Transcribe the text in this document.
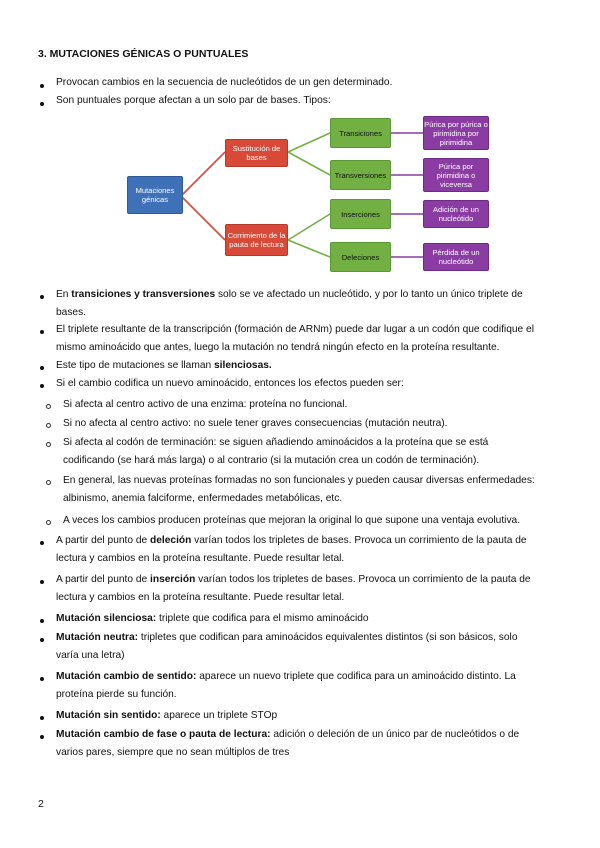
3. MUTACIONES GÉNICAS O PUNTUALES
Provocan cambios en la secuencia de nucleótidos de un gen determinado.
Son puntuales porque afectan a un solo par de bases. Tipos:
Mutaciones génicas
Sustitución de bases
Corrimiento de la pauta de lectura
Transiciones
Transversiones
Inserciones
Deleciones
Púrica por púrica o pirimidina por pirimidina
Púrica por pirimidina o viceversa
Adición de un nucleótido
Pérdida de un nucleótido
En transiciones y transversiones solo se ve afectado un nucleótido, y por lo tanto un único triplete de
bases.
El triplete resultante de la transcripción (formación de ARNm) puede dar lugar a un codón que codifique el
mismo aminoácido que antes, luego la mutación no tendrá ningún efecto en la proteína resultante.
Este tipo de mutaciones se llaman silenciosas.
Si el cambio codifica un nuevo aminoácido, entonces los efectos pueden ser:
Si afecta al centro activo de una enzima: proteína no funcional.
Si no afecta al centro activo: no suele tener graves consecuencias (mutación neutra).
Si afecta al codón de terminación: se siguen añadiendo aminoácidos a la proteína que se está
codificando (se hará más larga) o al contrario (si la mutación crea un codón de terminación).
En general, las nuevas proteínas formadas no son funcionales y pueden causar diversas enfermedades:
albinismo, anemia falciforme, enfermedades metabólicas, etc.
A veces los cambios producen proteínas que mejoran la original lo que supone una ventaja evolutiva.
A partir del punto de deleción varían todos los tripletes de bases. Provoca un corrimiento de la pauta de
lectura y cambios en la proteína resultante. Puede resultar letal.
A partir del punto de inserción varían todos los tripletes de bases. Provoca un corrimiento de la pauta de
lectura y cambios en la proteína resultante. Puede resultar letal.
Mutación silenciosa: triplete que codifica para el mismo aminoácido
Mutación neutra: tripletes que codifican para aminoácidos equivalentes distintos (si son básicos, solo
varía una letra)
Mutación cambio de sentido: aparece un nuevo triplete que codifica para un aminoácido distinto. La
proteína pierde su función.
Mutación sin sentido: aparece un triplete STOp
Mutación cambio de fase o pauta de lectura: adición o deleción de un único par de nucleótidos o de
varios pares, siempre que no sean múltiplos de tres
2
